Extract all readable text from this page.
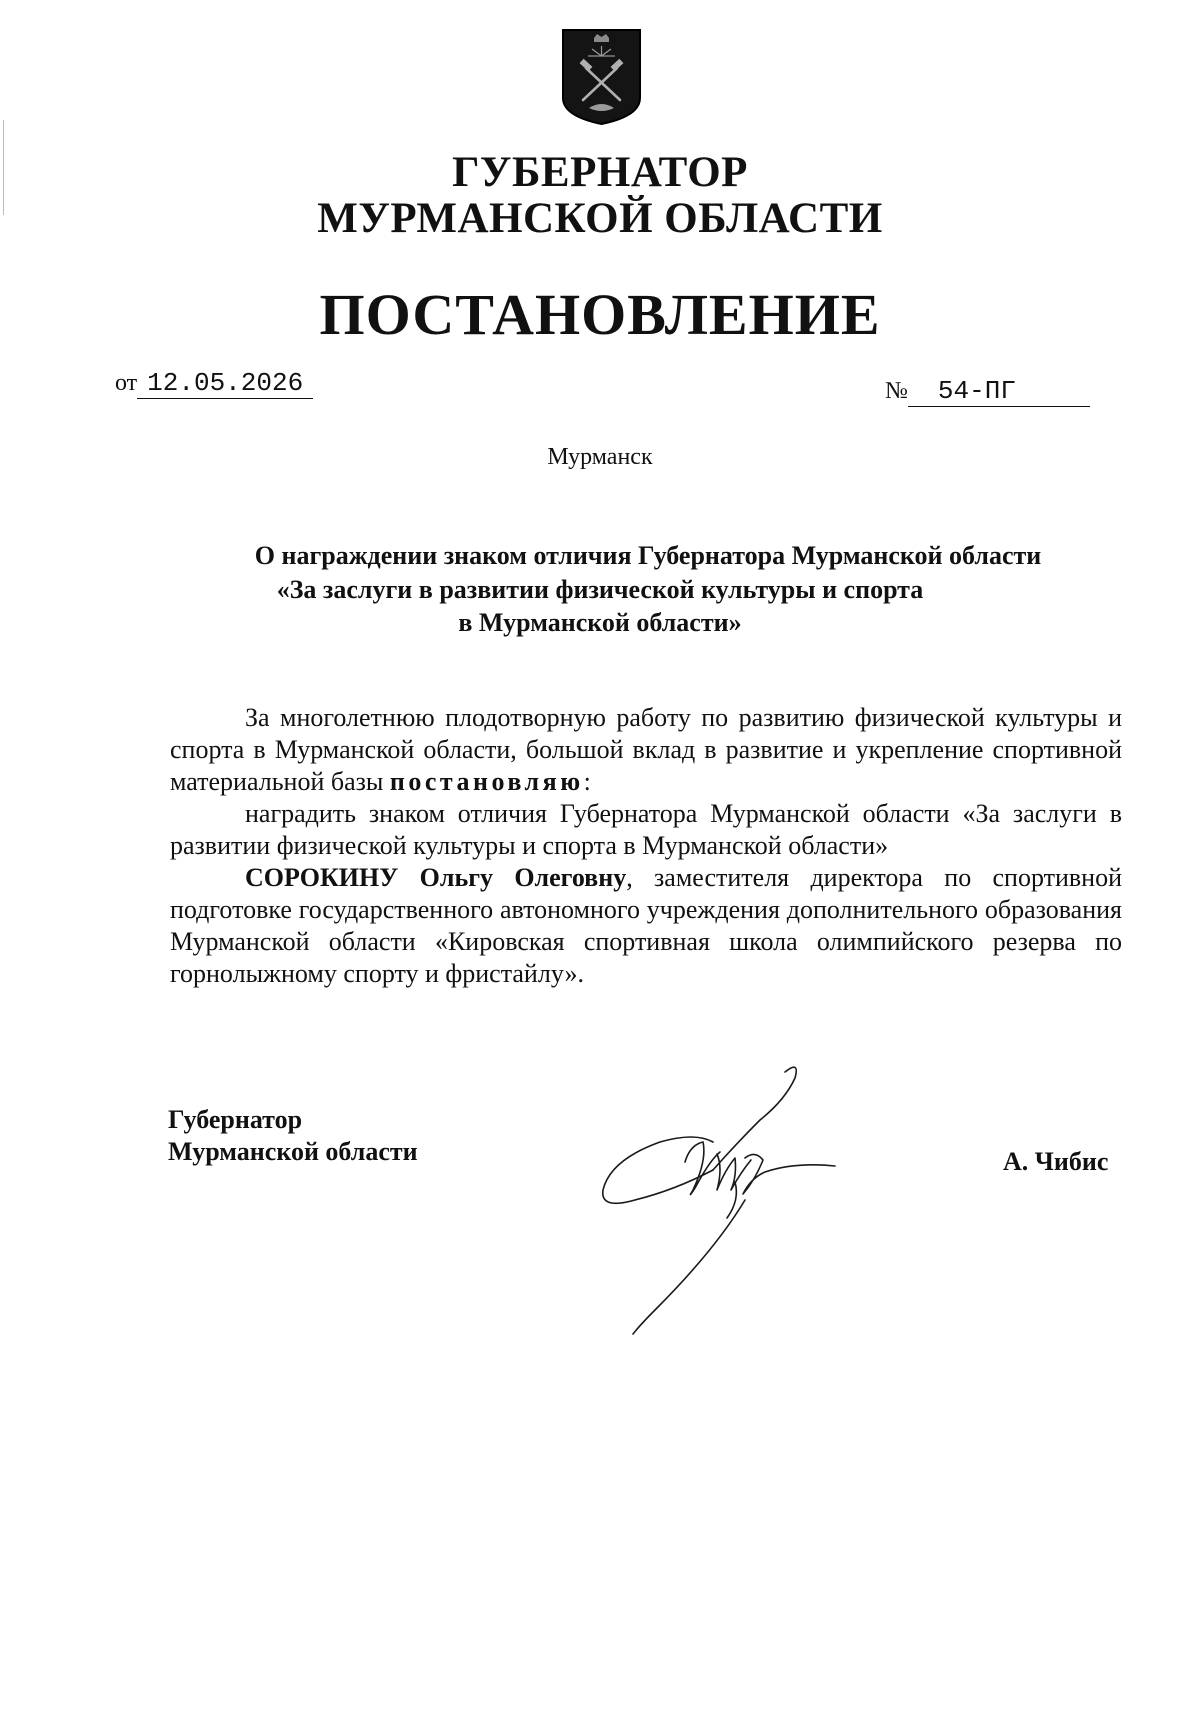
ГУБЕРНАТОР
МУРМАНСКОЙ ОБЛАСТИ
ПОСТАНОВЛЕНИЕ
от 12.05.2026	№ 54-ПГ
Мурманск
О награждении знаком отличия Губернатора Мурманской области
«За заслуги в развитии физической культуры и спорта
в Мурманской области»
За многолетнюю плодотворную работу по развитию физической культуры и спорта в Мурманской области, большой вклад в развитие и укрепление спортивной материальной базы постановляю:
наградить знаком отличия Губернатора Мурманской области «За заслуги в развитии физической культуры и спорта в Мурманской области»
СОРОКИНУ Ольгу Олеговну, заместителя директора по спортивной подготовке государственного автономного учреждения дополнительного образования Мурманской области «Кировская спортивная школа олимпийского резерва по горнолыжному спорту и фристайлу».
Губернатор
Мурманской области	А. Чибис
